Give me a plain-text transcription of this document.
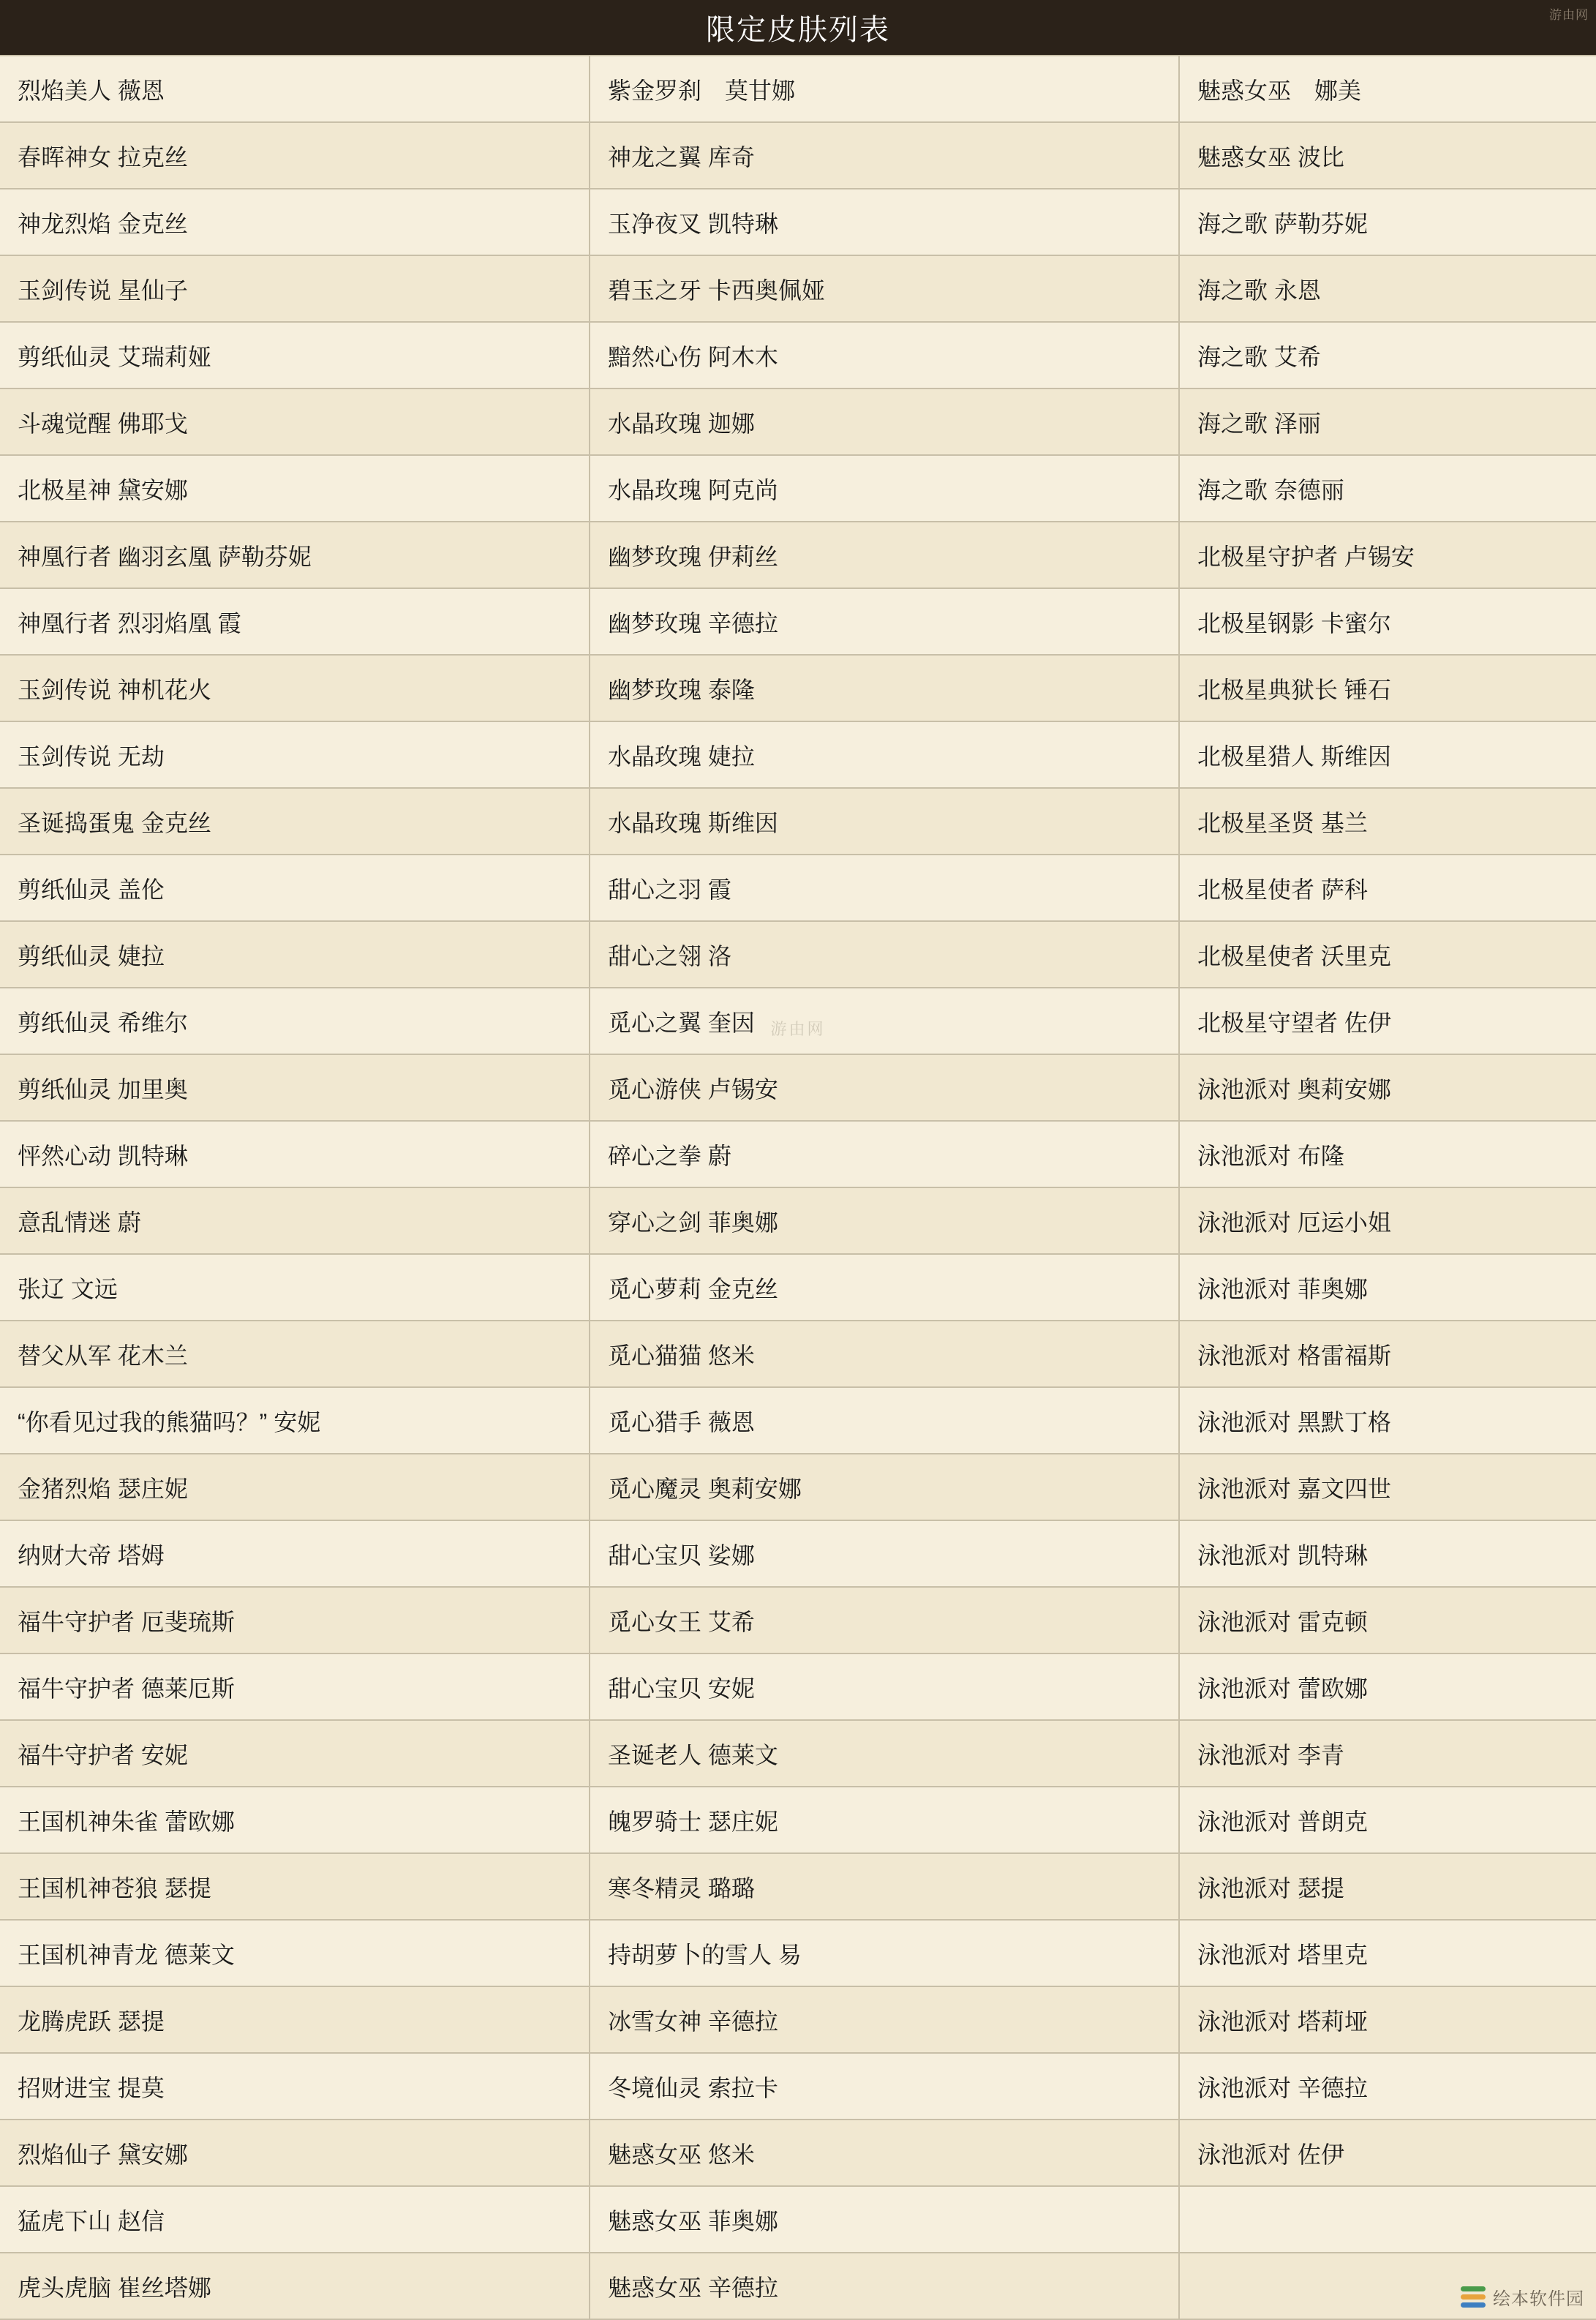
限定皮肤列表	游由网
烈焰美人 薇恩	紫金罗刹　莫甘娜	魅惑女巫　娜美
春晖神女 拉克丝	神龙之翼 库奇	魅惑女巫 波比
神龙烈焰 金克丝	玉净夜叉 凯特琳	海之歌 萨勒芬妮
玉剑传说 星仙子	碧玉之牙 卡西奥佩娅	海之歌 永恩
剪纸仙灵 艾瑞莉娅	黯然心伤 阿木木	海之歌 艾希
斗魂觉醒 佛耶戈	水晶玫瑰 迦娜	海之歌 泽丽
北极星神 黛安娜	水晶玫瑰 阿克尚	海之歌 奈德丽
神凰行者 幽羽玄凰 萨勒芬妮	幽梦玫瑰 伊莉丝	北极星守护者 卢锡安
神凰行者 烈羽焰凰 霞	幽梦玫瑰 辛德拉	北极星钢影 卡蜜尔
玉剑传说 神机花火	幽梦玫瑰 泰隆	北极星典狱长 锤石
玉剑传说 无劫	水晶玫瑰 婕拉	北极星猎人 斯维因
圣诞捣蛋鬼 金克丝	水晶玫瑰 斯维因	北极星圣贤 基兰
剪纸仙灵 盖伦	甜心之羽 霞	北极星使者 萨科
剪纸仙灵 婕拉	甜心之翎 洛	北极星使者 沃里克
剪纸仙灵 希维尔	觅心之翼 奎因	北极星守望者 佐伊
剪纸仙灵 加里奥	觅心游侠 卢锡安	泳池派对 奥莉安娜
怦然心动 凯特琳	碎心之拳 蔚	泳池派对 布隆
意乱情迷 蔚	穿心之剑 菲奥娜	泳池派对 厄运小姐
张辽 文远	觅心萝莉 金克丝	泳池派对 菲奥娜
替父从军 花木兰	觅心猫猫 悠米	泳池派对 格雷福斯
“你看见过我的熊猫吗？” 安妮	觅心猎手 薇恩	泳池派对 黑默丁格
金猪烈焰 瑟庄妮	觅心魔灵 奥莉安娜	泳池派对 嘉文四世
纳财大帝 塔姆	甜心宝贝 娑娜	泳池派对 凯特琳
福牛守护者 厄斐琉斯	觅心女王 艾希	泳池派对 雷克顿
福牛守护者 德莱厄斯	甜心宝贝 安妮	泳池派对 蕾欧娜
福牛守护者 安妮	圣诞老人 德莱文	泳池派对 李青
王国机神朱雀 蕾欧娜	魄罗骑士 瑟庄妮	泳池派对 普朗克
王国机神苍狼 瑟提	寒冬精灵 璐璐	泳池派对 瑟提
王国机神青龙 德莱文	持胡萝卜的雪人 易	泳池派对 塔里克
龙腾虎跃 瑟提	冰雪女神 辛德拉	泳池派对 塔莉垭
招财进宝 提莫	冬境仙灵 索拉卡	泳池派对 辛德拉
烈焰仙子 黛安娜	魅惑女巫 悠米	泳池派对 佐伊
猛虎下山 赵信	魅惑女巫 菲奥娜	
虎头虎脑 崔丝塔娜	魅惑女巫 辛德拉	
游由网
绘本软件园
